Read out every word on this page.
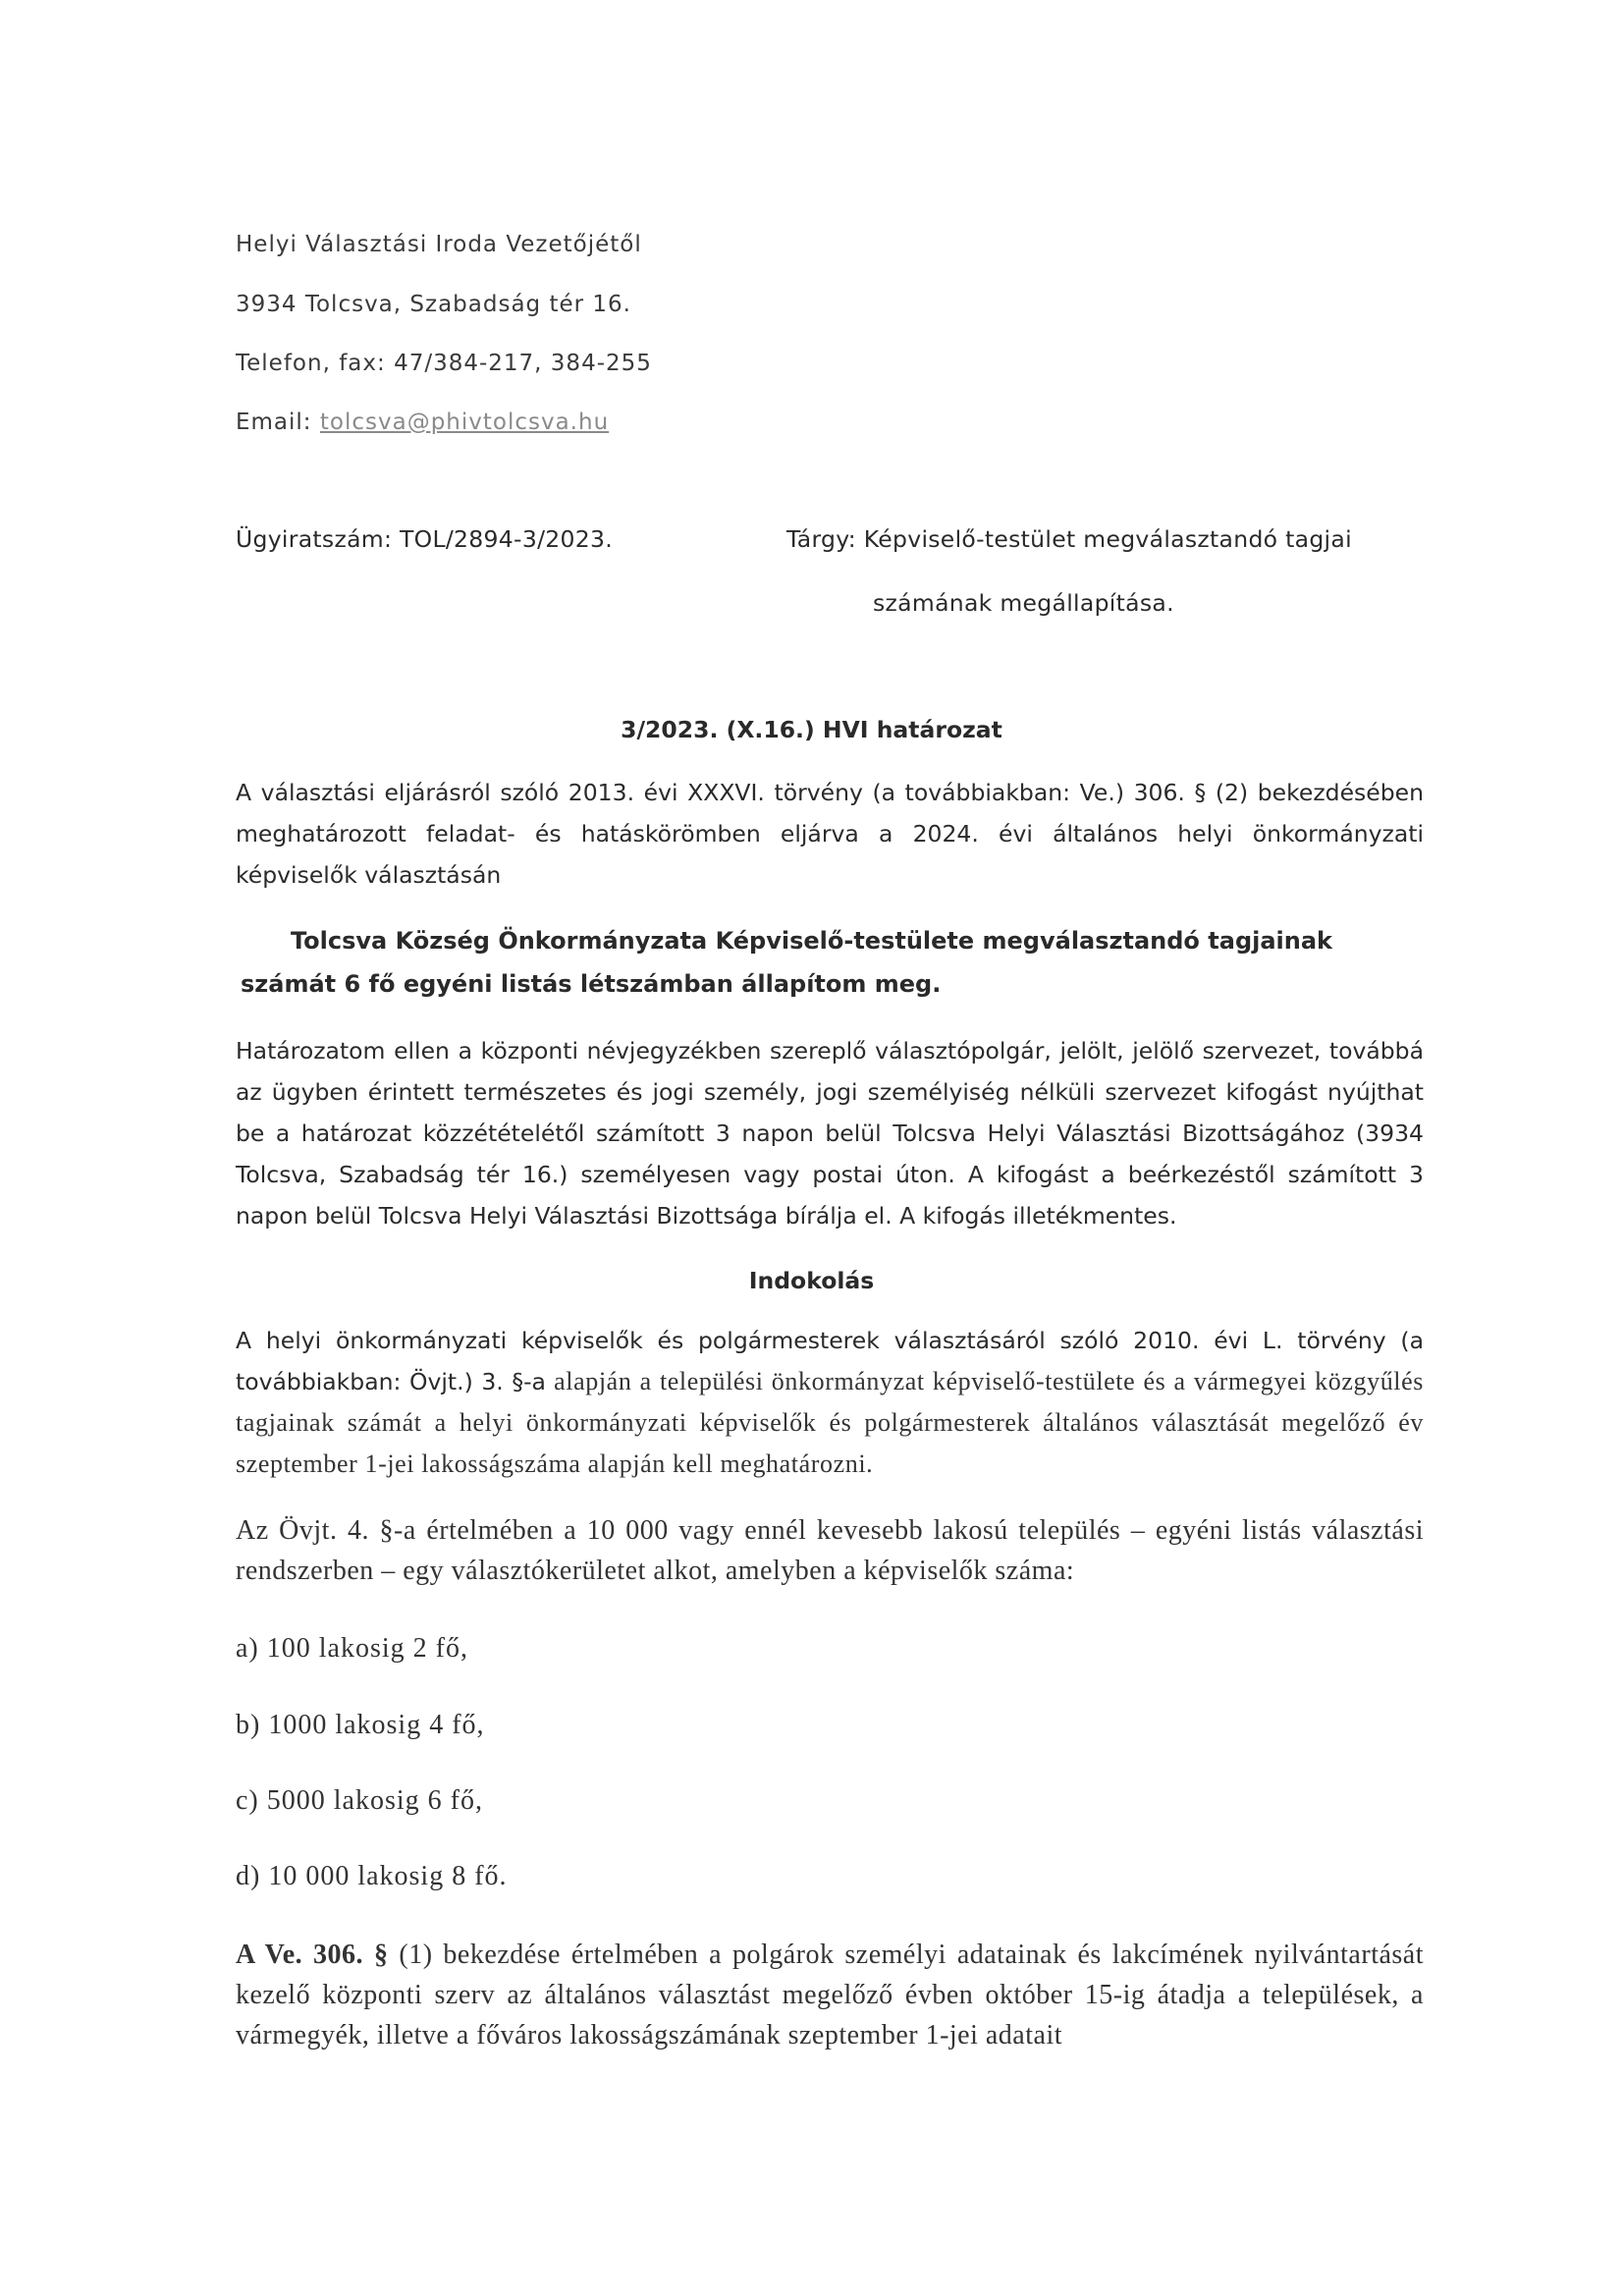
Helyi Választási Iroda Vezetőjétől
3934 Tolcsva, Szabadság tér 16.
Telefon, fax: 47/384-217, 384-255
Email: tolcsva@phivtolcsva.hu
Ügyiratszám: TOL/2894-3/2023.	Tárgy: Képviselő-testület megválasztandó tagjai
számának megállapítása.
3/2023. (X.16.) HVI határozat

A választási eljárásról szóló 2013. évi XXXVI. törvény (a továbbiakban: Ve.) 306. § (2) bekezdésében meghatározott feladat- és hatáskörömben eljárva a 2024. évi általános helyi önkormányzati képviselők választásán

Tolcsva Község Önkormányzata Képviselő-testülete megválasztandó tagjainak számát 6 fő egyéni listás létszámban állapítom meg.

Határozatom ellen a központi névjegyzékben szereplő választópolgár, jelölt, jelölő szervezet, továbbá az ügyben érintett természetes és jogi személy, jogi személyiség nélküli szervezet kifogást nyújthat be a határozat közzétételétől számított 3 napon belül Tolcsva Helyi Választási Bizottságához (3934 Tolcsva, Szabadság tér 16.) személyesen vagy postai úton. A kifogást a beérkezéstől számított 3 napon belül Tolcsva Helyi Választási Bizottsága bírálja el. A kifogás illetékmentes.

Indokolás

A helyi önkormányzati képviselők és polgármesterek választásáról szóló 2010. évi L. törvény (a továbbiakban: Övjt.) 3. §-a alapján a települési önkormányzat képviselő-testülete és a vármegyei közgyűlés tagjainak számát a helyi önkormányzati képviselők és polgármesterek általános választását megelőző év szeptember 1-jei lakosságszáma alapján kell meghatározni.

Az Övjt. 4. §-a értelmében a 10 000 vagy ennél kevesebb lakosú település – egyéni listás választási rendszerben – egy választókerületet alkot, amelyben a képviselők száma:

a) 100 lakosig 2 fő,
b) 1000 lakosig 4 fő,
c) 5000 lakosig 6 fő,
d) 10 000 lakosig 8 fő.

A Ve. 306. § (1) bekezdése értelmében a polgárok személyi adatainak és lakcímének nyilvántartását kezelő központi szerv az általános választást megelőző évben október 15-ig átadja a települések, a vármegyék, illetve a főváros lakosságszámának szeptember 1-jei adatait
